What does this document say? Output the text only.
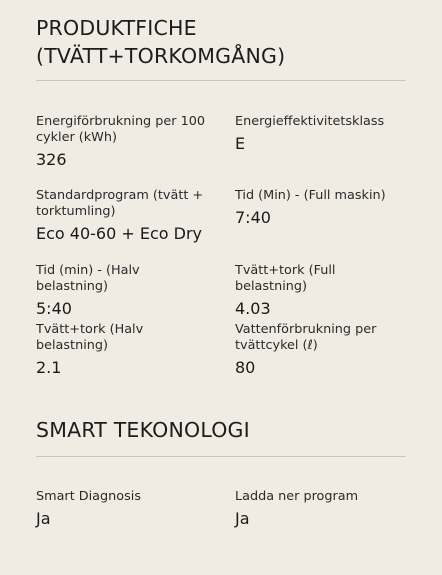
PRODUKTFICHE
(TVÄTT+TORKOMGÅNG)
Energiförbrukning per 100 cykler (kWh)
326
Energieffektivitetsklass
E
Standardprogram (tvätt + torktumling)
Eco 40-60 + Eco Dry
Tid (Min) - (Full maskin)
7:40
Tid (min) - (Halv belastning)
5:40
Tvätt+tork (Full belastning)
4.03
Tvätt+tork (Halv belastning)
2.1
Vattenförbrukning per tvättcykel (ℓ)
80
SMART TEKONOLOGI
Smart Diagnosis
Ja
Ladda ner program
Ja
